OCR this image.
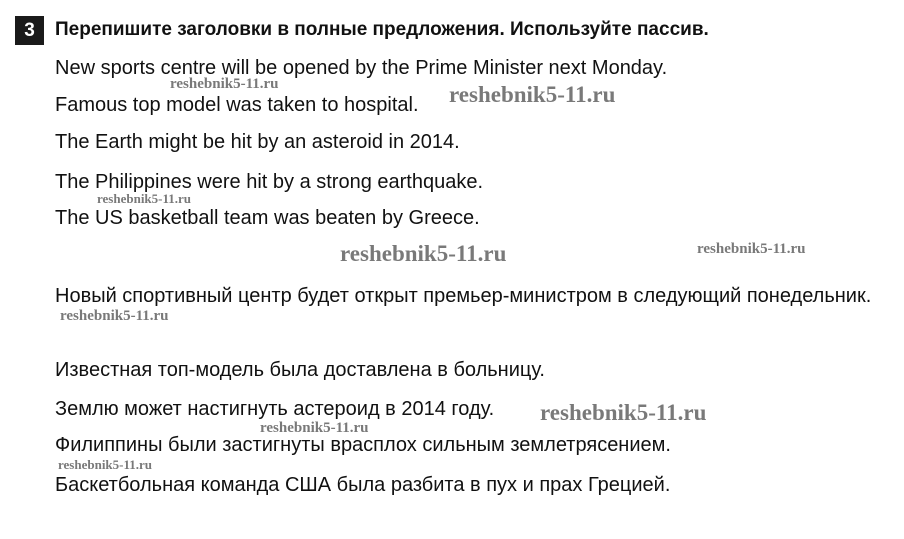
3	Перепишите заголовки в полные предложения. Используйте пассив.
New sports centre will be opened by the Prime Minister next Monday.
Famous top model was taken to hospital.
The Earth might be hit by an asteroid in 2014.
The Philippines were hit by a strong earthquake.
The US basketball team was beaten by Greece.
Новый спортивный центр будет открыт премьер-министром в следующий понедельник.
Известная топ-модель была доставлена в больницу.
Землю может настигнуть астероид в 2014 году.
Филиппины были застигнуты врасплох сильным землетрясением.
Баскетбольная команда США была разбита в пух и прах Грецией.
reshebnik5-11.ru	reshebnik5-11.ru
reshebnik5-11.ru
reshebnik5-11.ru	reshebnik5-11.ru
reshebnik5-11.ru
reshebnik5-11.ru
reshebnik5-11.ru
reshebnik5-11.ru
